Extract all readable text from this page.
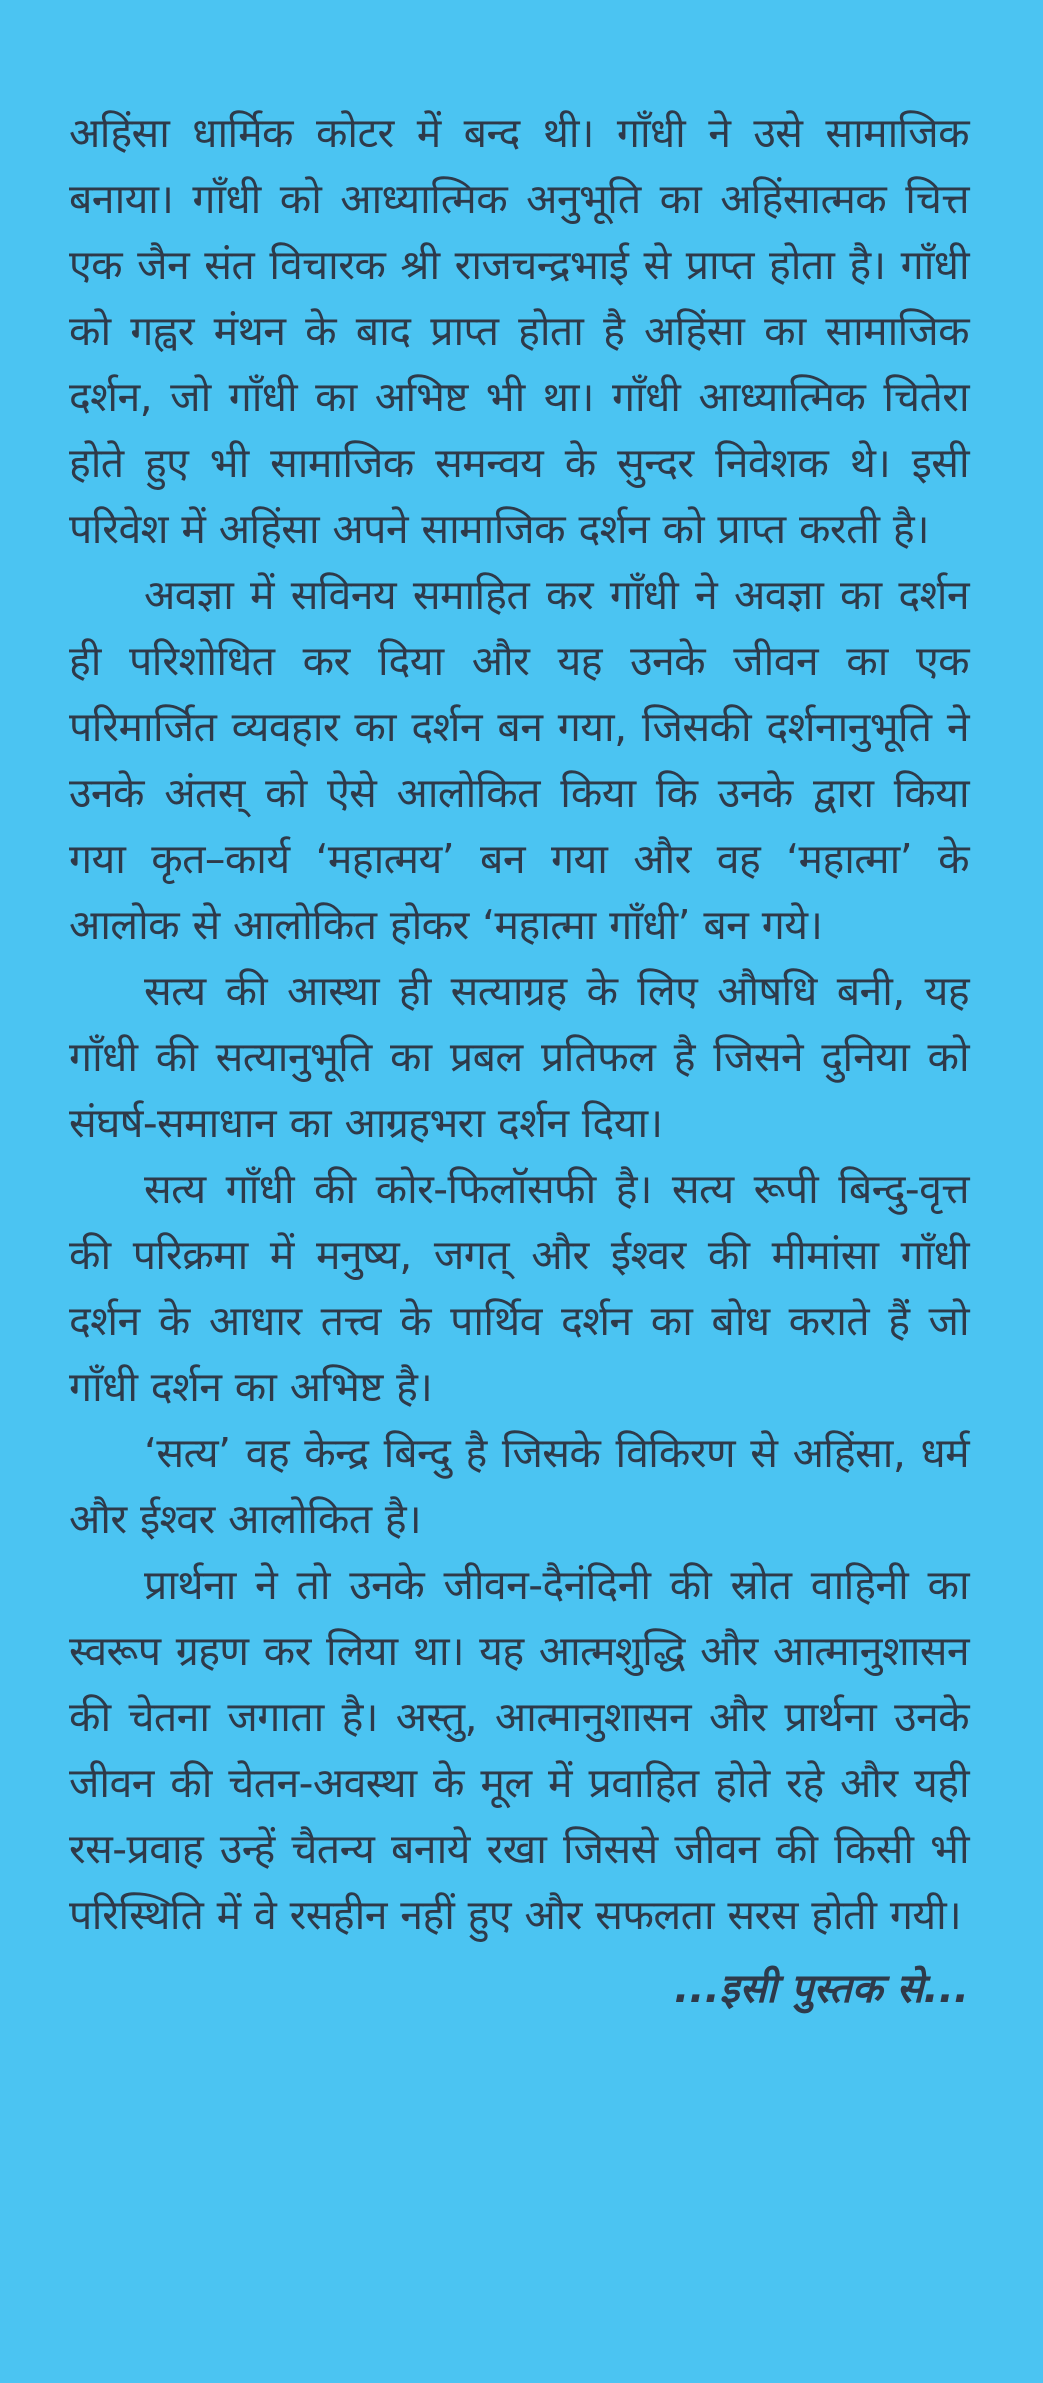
अहिंसा धार्मिक कोटर में बन्द थी। गाँधी ने उसे सामाजिक बनाया। गाँधी को आध्यात्मिक अनुभूति का अहिंसात्मक चित्त एक जैन संत विचारक श्री राजचन्द्रभाई से प्राप्त होता है। गाँधी को गह्वर मंथन के बाद प्राप्त होता है अहिंसा का सामाजिक दर्शन, जो गाँधी का अभिष्ट भी था। गाँधी आध्यात्मिक चितेरा होते हुए भी सामाजिक समन्वय के सुन्दर निवेशक थे। इसी परिवेश में अहिंसा अपने सामाजिक दर्शन को प्राप्त करती है।

अवज्ञा में सविनय समाहित कर गाँधी ने अवज्ञा का दर्शन ही परिशोधित कर दिया और यह उनके जीवन का एक परिमार्जित व्यवहार का दर्शन बन गया, जिसकी दर्शनानुभूति ने उनके अंतस् को ऐसे आलोकित किया कि उनके द्वारा किया गया कृत–कार्य ‘महात्मय’ बन गया और वह ‘महात्मा’ के आलोक से आलोकित होकर ‘महात्मा गाँधी’ बन गये।

सत्य की आस्था ही सत्याग्रह के लिए औषधि बनी, यह गाँधी की सत्यानुभूति का प्रबल प्रतिफल है जिसने दुनिया को संघर्ष-समाधान का आग्रहभरा दर्शन दिया।

सत्य गाँधी की कोर-फिलॉसफी है। सत्य रूपी बिन्दु-वृत्त की परिक्रमा में मनुष्य, जगत् और ईश्वर की मीमांसा गाँधी दर्शन के आधार तत्त्व के पार्थिव दर्शन का बोध कराते हैं जो गाँधी दर्शन का अभिष्ट है।

‘सत्य’ वह केन्द्र बिन्दु है जिसके विकिरण से अहिंसा, धर्म और ईश्वर आलोकित है।

प्रार्थना ने तो उनके जीवन-दैनंदिनी की स्रोत वाहिनी का स्वरूप ग्रहण कर लिया था। यह आत्मशुद्धि और आत्मानुशासन की चेतना जगाता है। अस्तु, आत्मानुशासन और प्रार्थना उनके जीवन की चेतन-अवस्था के मूल में प्रवाहित होते रहे और यही रस-प्रवाह उन्हें चैतन्य बनाये रखा जिससे जीवन की किसी भी परिस्थिति में वे रसहीन नहीं हुए और सफलता सरस होती गयी।

...इसी पुस्तक से...
